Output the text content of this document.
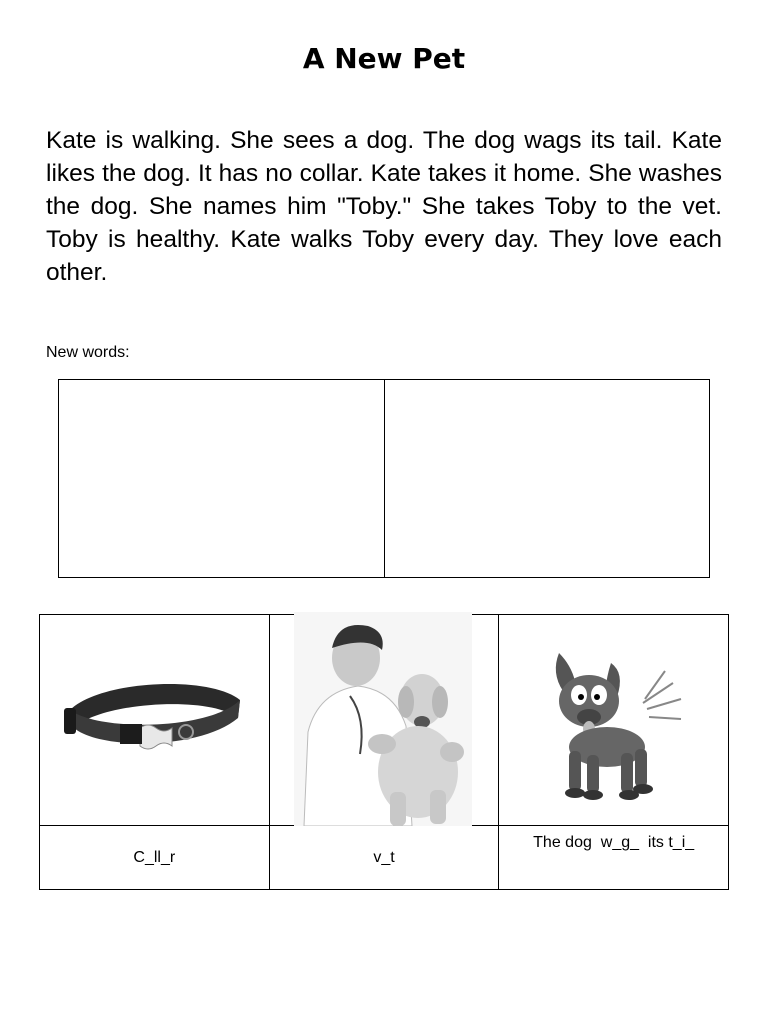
A New Pet
Kate is walking. She sees a dog. The dog wags its tail. Kate likes the dog. It has no collar. Kate takes it home. She washes the dog. She names him "Toby." She takes Toby to the vet. Toby is healthy. Kate walks Toby every day. They love each other.
New words:

C_ll_r	v_t	The dog  w_g_  its t_i_
